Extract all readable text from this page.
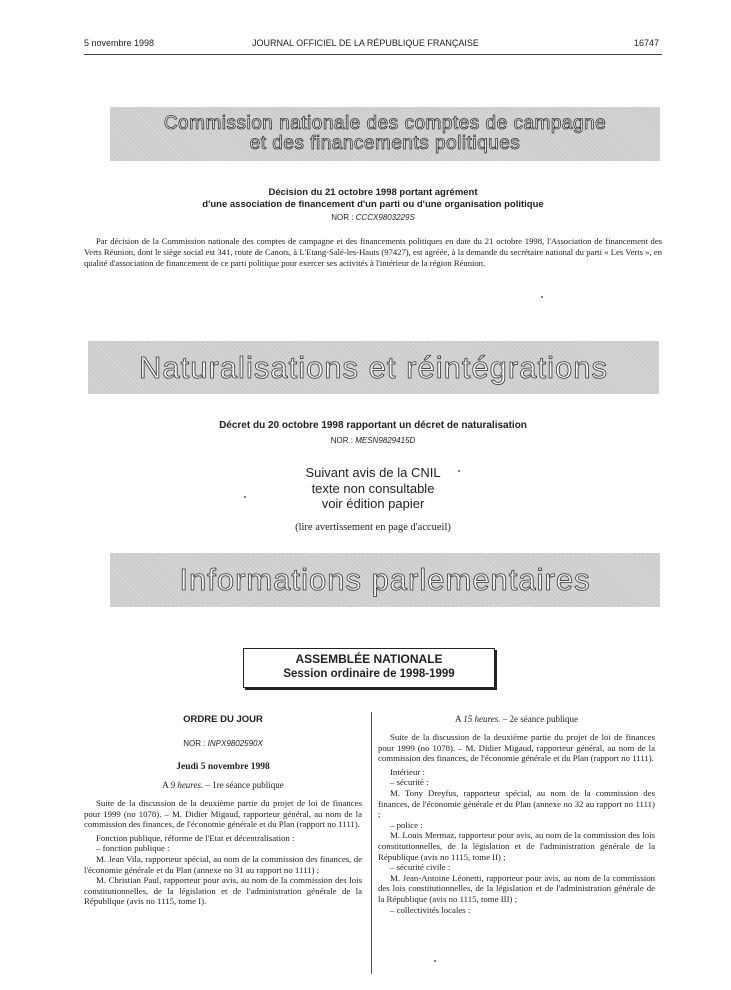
5 novembre 1998	JOURNAL OFFICIEL DE LA RÉPUBLIQUE FRANÇAISE	16747
Commission nationale des comptes de campagne
et des financements politiques
Décision du 21 octobre 1998 portant agrément
d'une association de financement d'un parti ou d'une organisation politique
NOR : CCCX9803229S
Par décision de la Commission nationale des comptes de campagne et des financements politiques en date du 21 octobre 1998, l'Association de financement des Verts Réunion, dont le siège social est 341, route de Canots, à L'Etang-Salé-les-Hauts (97427), est agréée, à la demande du secrétaire national du parti « Les Verts », en qualité d'association de financement de ce parti politique pour exercer ses activités à l'intérieur de la région Réunion.
Naturalisations et réintégrations
Décret du 20 octobre 1998 rapportant un décret de naturalisation
NOR : MESN9829415D
Suivant avis de la CNIL
texte non consultable
voir édition papier
(lire avertissement en page d'accueil)
Informations parlementaires
ASSEMBLÉE NATIONALE
Session ordinaire de 1998-1999
ORDRE DU JOUR
NOR : INPX9802590X
Jeudi 5 novembre 1998
A 9 heures. – 1re séance publique

Suite de la discussion de la deuxième partie du projet de loi de finances pour 1999 (no 1078). – M. Didier Migaud, rapporteur général, au nom de la commission des finances, de l'économie générale et du Plan (rapport no 1111).

Fonction publique, réforme de l'Etat et décentralisation :

– fonction publique :

M. Jean Vila, rapporteur spécial, au nom de la commission des finances, de l'économie générale et du Plan (annexe no 31 au rapport no 1111) ;

M. Christian Paul, rapporteur pour avis, au nom de la commission des lois constitutionnelles, de la législation et de l'administration générale de la République (avis no 1115, tome I).

A 15 heures. – 2e séance publique

Suite de la discussion de la deuxième partie du projet de loi de finances pour 1999 (no 1078). – M. Didier Migaud, rapporteur général, au nom de la commission des finances, de l'économie générale et du Plan (rapport no 1111).

Intérieur :

– sécurité :

M. Tony Dreyfus, rapporteur spécial, au nom de la commission des finances, de l'économie générale et du Plan (annexe no 32 au rapport no 1111) ;

– police :

M. Louis Mermaz, rapporteur pour avis, au nom de la commission des lois constitutionnelles, de la législation et de l'administration générale de la République (avis no 1115, tome II) ;

– sécurité civile :

M. Jean-Antoine Léonetti, rapporteur pour avis, au nom de la commission des lois constitutionnelles, de la législation et de l'administration générale de la République (avis no 1115, tome III) ;

– collectivités locales :
